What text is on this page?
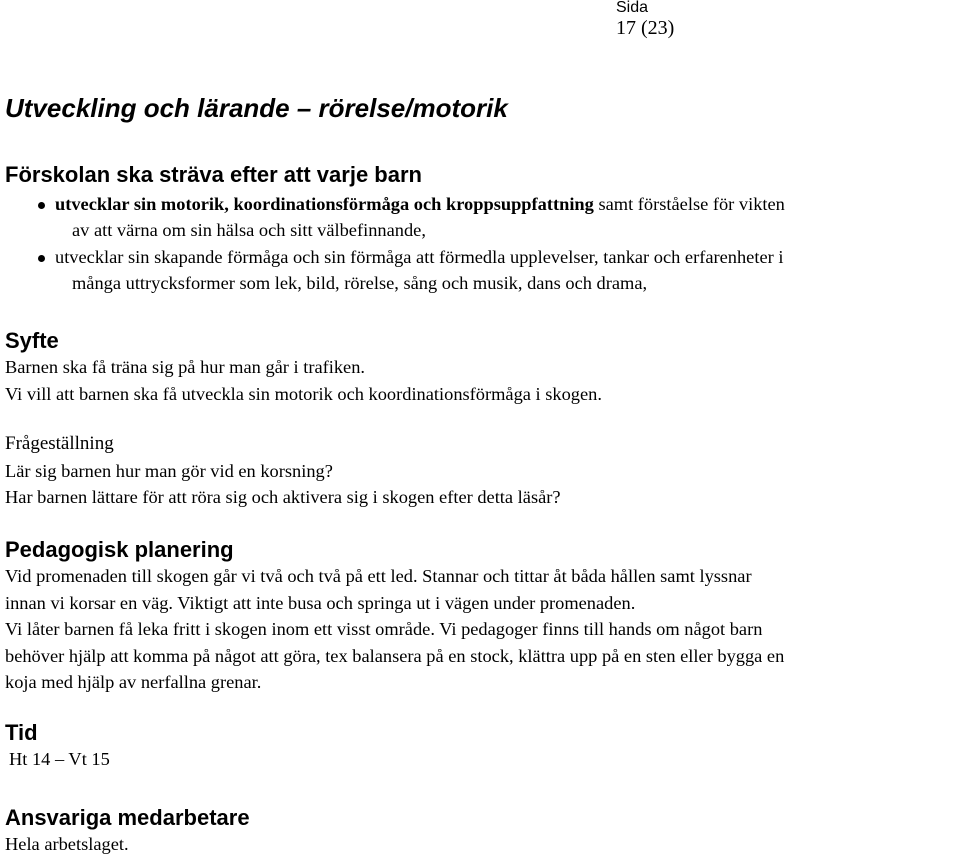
Sida
17 (23)
Utveckling och lärande – rörelse/motorik
Förskolan ska sträva efter att varje barn
utvecklar sin motorik, koordinationsförmåga och kroppsuppfattning samt förståelse för vikten
av att värna om sin hälsa och sitt välbefinnande,
utvecklar sin skapande förmåga och sin förmåga att förmedla upplevelser, tankar och erfarenheter i
många uttrycksformer som lek, bild, rörelse, sång och musik, dans och drama,
Syfte
Barnen ska få träna sig på hur man går i trafiken.
Vi vill att barnen ska få utveckla sin motorik och koordinationsförmåga i skogen.
Frågeställning
Lär sig barnen hur man gör vid en korsning?
Har barnen lättare för att röra sig och aktivera sig i skogen efter detta läsår?
Pedagogisk planering
Vid promenaden till skogen går vi två och två på ett led. Stannar och tittar åt båda hållen samt lyssnar
innan vi korsar en väg. Viktigt att inte busa och springa ut i vägen under promenaden.
Vi låter barnen få leka fritt i skogen inom ett visst område. Vi pedagoger finns till hands om något barn
behöver hjälp att komma på något att göra, tex balansera på en stock, klättra upp på en sten eller bygga en
koja med hjälp av nerfallna grenar.
Tid
Ht 14 – Vt 15
Ansvariga medarbetare
Hela arbetslaget.
